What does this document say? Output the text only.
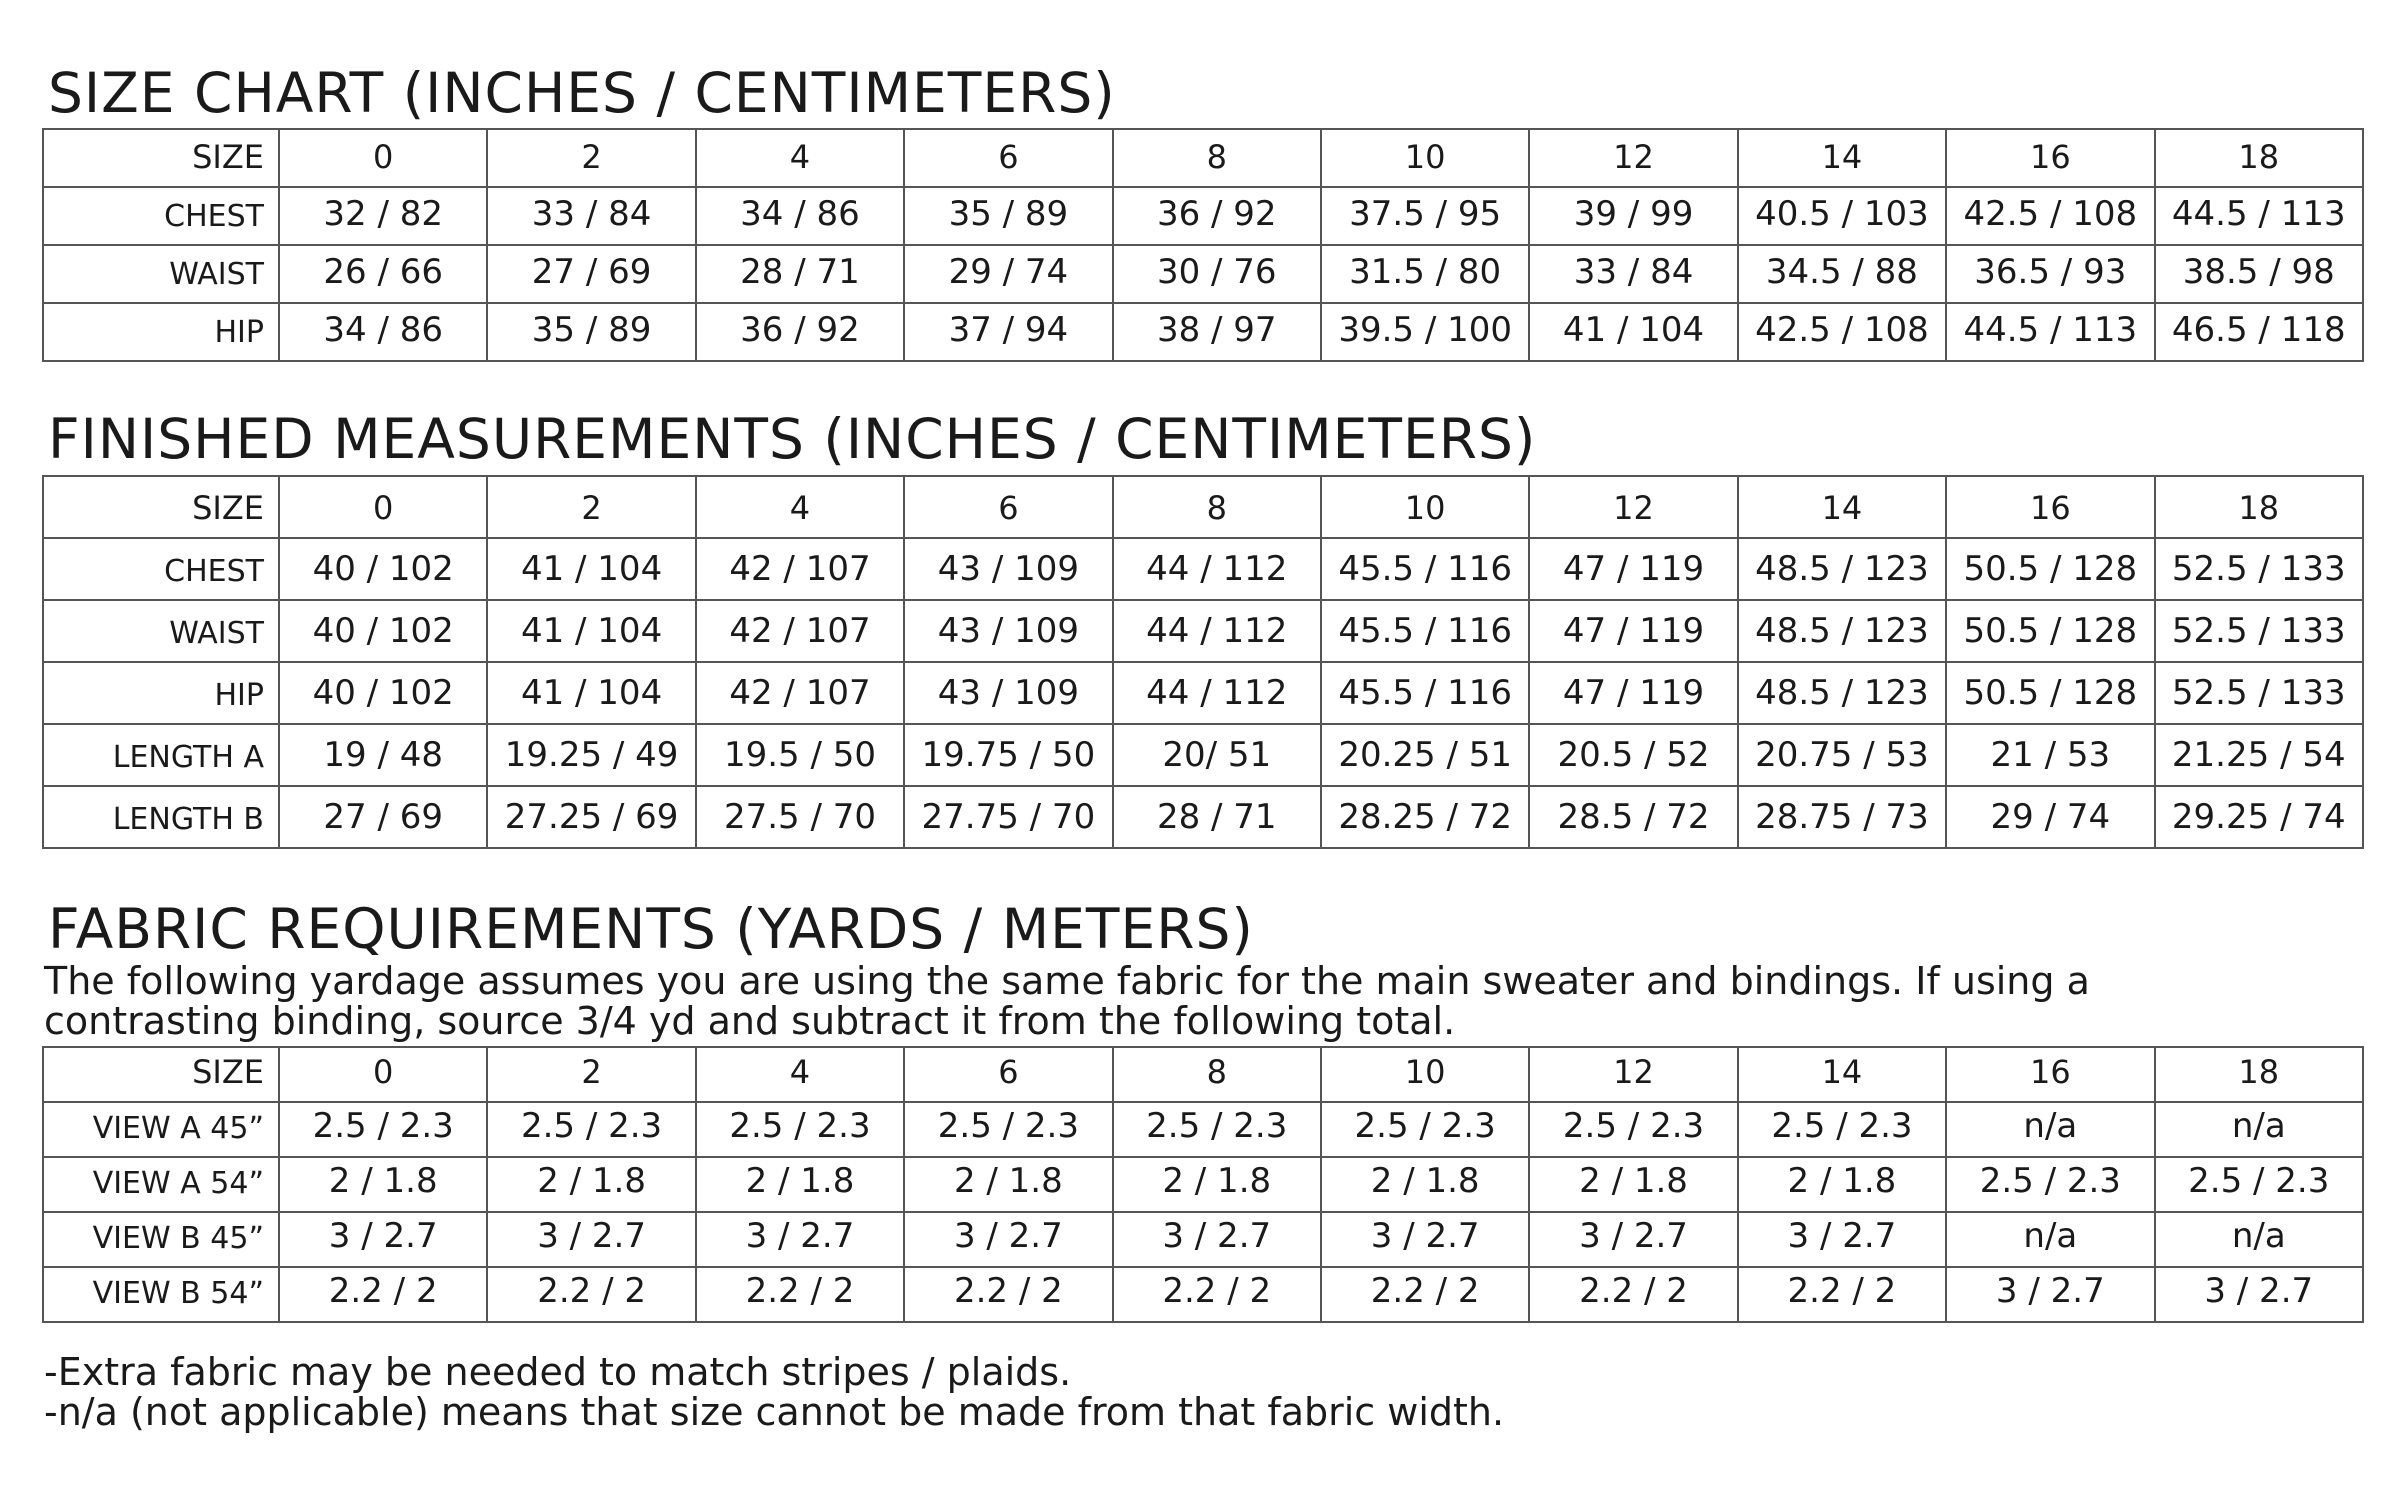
SIZE CHART (INCHES / CENTIMETERS)
SIZE	0	2	4	6	8	10	12	14	16	18
CHEST	32 / 82	33 / 84	34 / 86	35 / 89	36 / 92	37.5 / 95	39 / 99	40.5 / 103	42.5 / 108	44.5 / 113
WAIST	26 / 66	27 / 69	28 / 71	29 / 74	30 / 76	31.5 / 80	33 / 84	34.5 / 88	36.5 / 93	38.5 / 98
HIP	34 / 86	35 / 89	36 / 92	37 / 94	38 / 97	39.5 / 100	41 / 104	42.5 / 108	44.5 / 113	46.5 / 118
FINISHED MEASUREMENTS (INCHES / CENTIMETERS)
SIZE	0	2	4	6	8	10	12	14	16	18
CHEST	40 / 102	41 / 104	42 / 107	43 / 109	44 / 112	45.5 / 116	47 / 119	48.5 / 123	50.5 / 128	52.5 / 133
WAIST	40 / 102	41 / 104	42 / 107	43 / 109	44 / 112	45.5 / 116	47 / 119	48.5 / 123	50.5 / 128	52.5 / 133
HIP	40 / 102	41 / 104	42 / 107	43 / 109	44 / 112	45.5 / 116	47 / 119	48.5 / 123	50.5 / 128	52.5 / 133
LENGTH A	19 / 48	19.25 / 49	19.5 / 50	19.75 / 50	20/ 51	20.25 / 51	20.5 / 52	20.75 / 53	21 / 53	21.25 / 54
LENGTH B	27 / 69	27.25 / 69	27.5 / 70	27.75 / 70	28 / 71	28.25 / 72	28.5 / 72	28.75 / 73	29 / 74	29.25 / 74
FABRIC REQUIREMENTS (YARDS / METERS)

The following yardage assumes you are using the same fabric for the main sweater and bindings. If using a

contrasting binding, source 3/4 yd and subtract it from the following total.

SIZE	0	2	4	6	8	10	12	14	16	18
VIEW A 45”	2.5 / 2.3	2.5 / 2.3	2.5 / 2.3	2.5 / 2.3	2.5 / 2.3	2.5 / 2.3	2.5 / 2.3	2.5 / 2.3	n/a	n/a
VIEW A 54”	2 / 1.8	2 / 1.8	2 / 1.8	2 / 1.8	2 / 1.8	2 / 1.8	2 / 1.8	2 / 1.8	2.5 / 2.3	2.5 / 2.3
VIEW B 45”	3 / 2.7	3 / 2.7	3 / 2.7	3 / 2.7	3 / 2.7	3 / 2.7	3 / 2.7	3 / 2.7	n/a	n/a
VIEW B 54”	2.2 / 2	2.2 / 2	2.2 / 2	2.2 / 2	2.2 / 2	2.2 / 2	2.2 / 2	2.2 / 2	3 / 2.7	3 / 2.7

-Extra fabric may be needed to match stripes / plaids.

-n/a (not applicable) means that size cannot be made from that fabric width.
